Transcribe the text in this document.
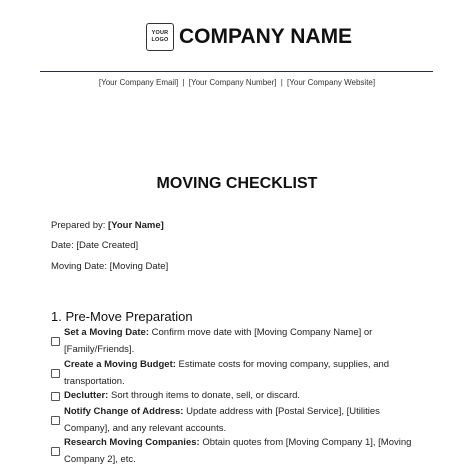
YOUR
LOGO COMPANY NAME
[Your Company Email] | [Your Company Number] | [Your Company Website]
MOVING CHECKLIST
Prepared by: [Your Name]
Date: [Date Created]
Moving Date: [Moving Date]
1. Pre-Move Preparation
Set a Moving Date: Confirm move date with [Moving Company Name] or [Family/Friends].
Create a Moving Budget: Estimate costs for moving company, supplies, and transportation.
Declutter: Sort through items to donate, sell, or discard.
Notify Change of Address: Update address with [Postal Service], [Utilities Company], and any relevant accounts.
Research Moving Companies: Obtain quotes from [Moving Company 1], [Moving Company 2], etc.
